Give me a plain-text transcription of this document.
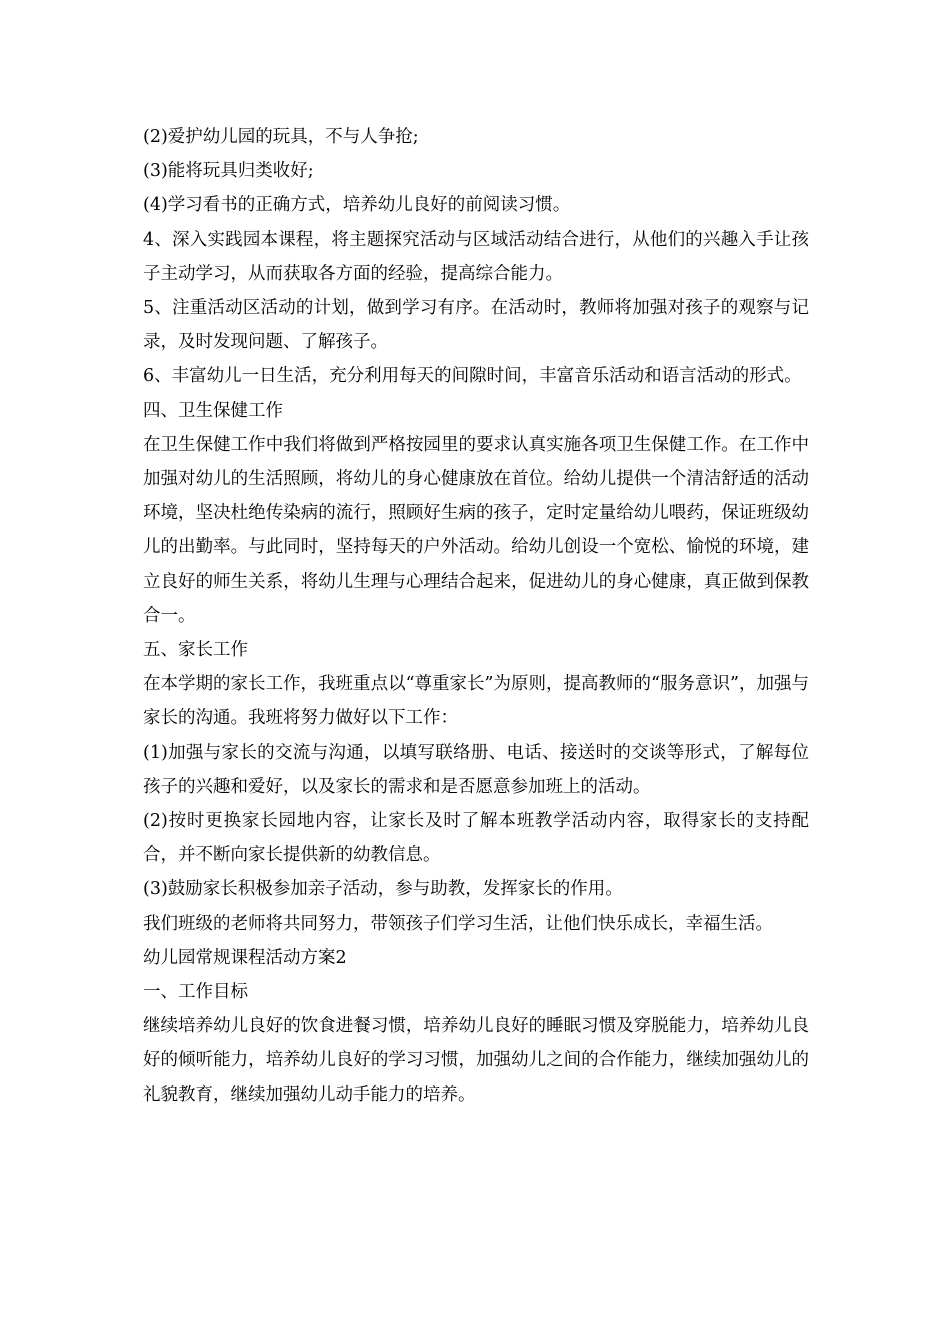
(2)爱护幼儿园的玩具，不与人争抢;

(3)能将玩具归类收好;

(4)学习看书的正确方式，培养幼儿良好的前阅读习惯。

4、深入实践园本课程，将主题探究活动与区域活动结合进行，从他们的兴趣入手让孩子主动学习，从而获取各方面的经验，提高综合能力。

5、注重活动区活动的计划，做到学习有序。在活动时，教师将加强对孩子的观察与记录，及时发现问题、了解孩子。

6、丰富幼儿一日生活，充分利用每天的间隙时间，丰富音乐活动和语言活动的形式。

四、卫生保健工作

在卫生保健工作中我们将做到严格按园里的要求认真实施各项卫生保健工作。在工作中加强对幼儿的生活照顾，将幼儿的身心健康放在首位。给幼儿提供一个清洁舒适的活动环境，坚决杜绝传染病的流行，照顾好生病的孩子，定时定量给幼儿喂药，保证班级幼儿的出勤率。与此同时，坚持每天的户外活动。给幼儿创设一个宽松、愉悦的环境，建立良好的师生关系，将幼儿生理与心理结合起来，促进幼儿的身心健康，真正做到保教合一。

五、家长工作

在本学期的家长工作，我班重点以“尊重家长”为原则，提高教师的“服务意识”，加强与家长的沟通。我班将努力做好以下工作：

(1)加强与家长的交流与沟通，以填写联络册、电话、接送时的交谈等形式，了解每位孩子的兴趣和爱好，以及家长的需求和是否愿意参加班上的活动。

(2)按时更换家长园地内容，让家长及时了解本班教学活动内容，取得家长的支持配合，并不断向家长提供新的幼教信息。

(3)鼓励家长积极参加亲子活动，参与助教，发挥家长的作用。

我们班级的老师将共同努力，带领孩子们学习生活，让他们快乐成长，幸福生活。

幼儿园常规课程活动方案2

一、工作目标

继续培养幼儿良好的饮食进餐习惯，培养幼儿良好的睡眠习惯及穿脱能力，培养幼儿良好的倾听能力，培养幼儿良好的学习习惯，加强幼儿之间的合作能力，继续加强幼儿的礼貌教育，继续加强幼儿动手能力的培养。
